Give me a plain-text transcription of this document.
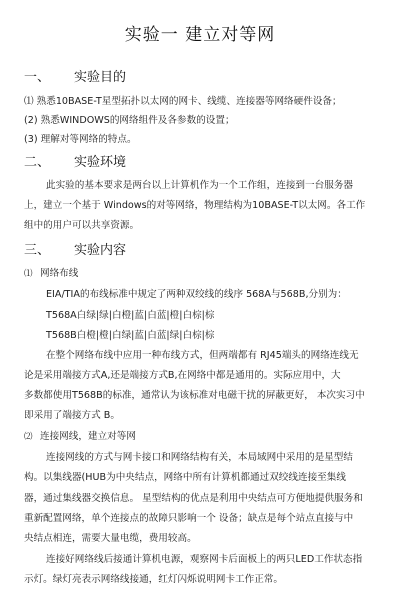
实验一 建立对等网
一、 实验目的
⑴ 熟悉10BASE-T星型拓扑以太网的网卡、线缆、连接器等网络硬件设备；
(2) 熟悉WINDOWS的网络组件及各参数的设置；
(3) 理解对等网络的特点。
二、 实验环境
此实验的基本要求是两台以上计算机作为一个工作组，连接到一台服务器
上，建立一个基于 Windows的对等网络，物理结构为10BASE-T以太网。各工作
组中的用户可以共享资源。
三、 实验内容
⑴ 网络布线
EIA/TIA的布线标准中规定了两种双绞线的线序 568A与568B,分别为：
T568A白绿|绿|白橙|蓝|白蓝|橙|白棕|棕
T568B白橙|橙|白绿|蓝|白蓝|绿|白棕|棕
在整个网络布线中应用一种布线方式，但两端都有 RJ45端头的网络连线无
论是采用端接方式A,还是端接方式B,在网络中都是通用的。实际应用中，大
多数都使用T568B的标准，通常认为该标准对电磁干扰的屏蔽更好， 本次实习中
即采用了端接方式 B。
⑵ 连接网线，建立对等网
连接网线的方式与网卡接口和网络结构有关，本局域网中采用的是星型结
构。以集线器(HUB为中央结点，网络中所有计算机都通过双绞线连接至集线
器，通过集线器交换信息。 星型结构的优点是利用中央结点可方便地提供服务和
重新配置网络，单个连接点的故障只影响一个 设备；缺点是每个站点直接与中
央结点相连，需要大量电缆，费用较高。
连接好网络线后接通计算机电源，观察网卡后面板上的两只LED工作状态指
示灯。绿灯亮表示网络线接通，红灯闪烁说明网卡工作正常。
